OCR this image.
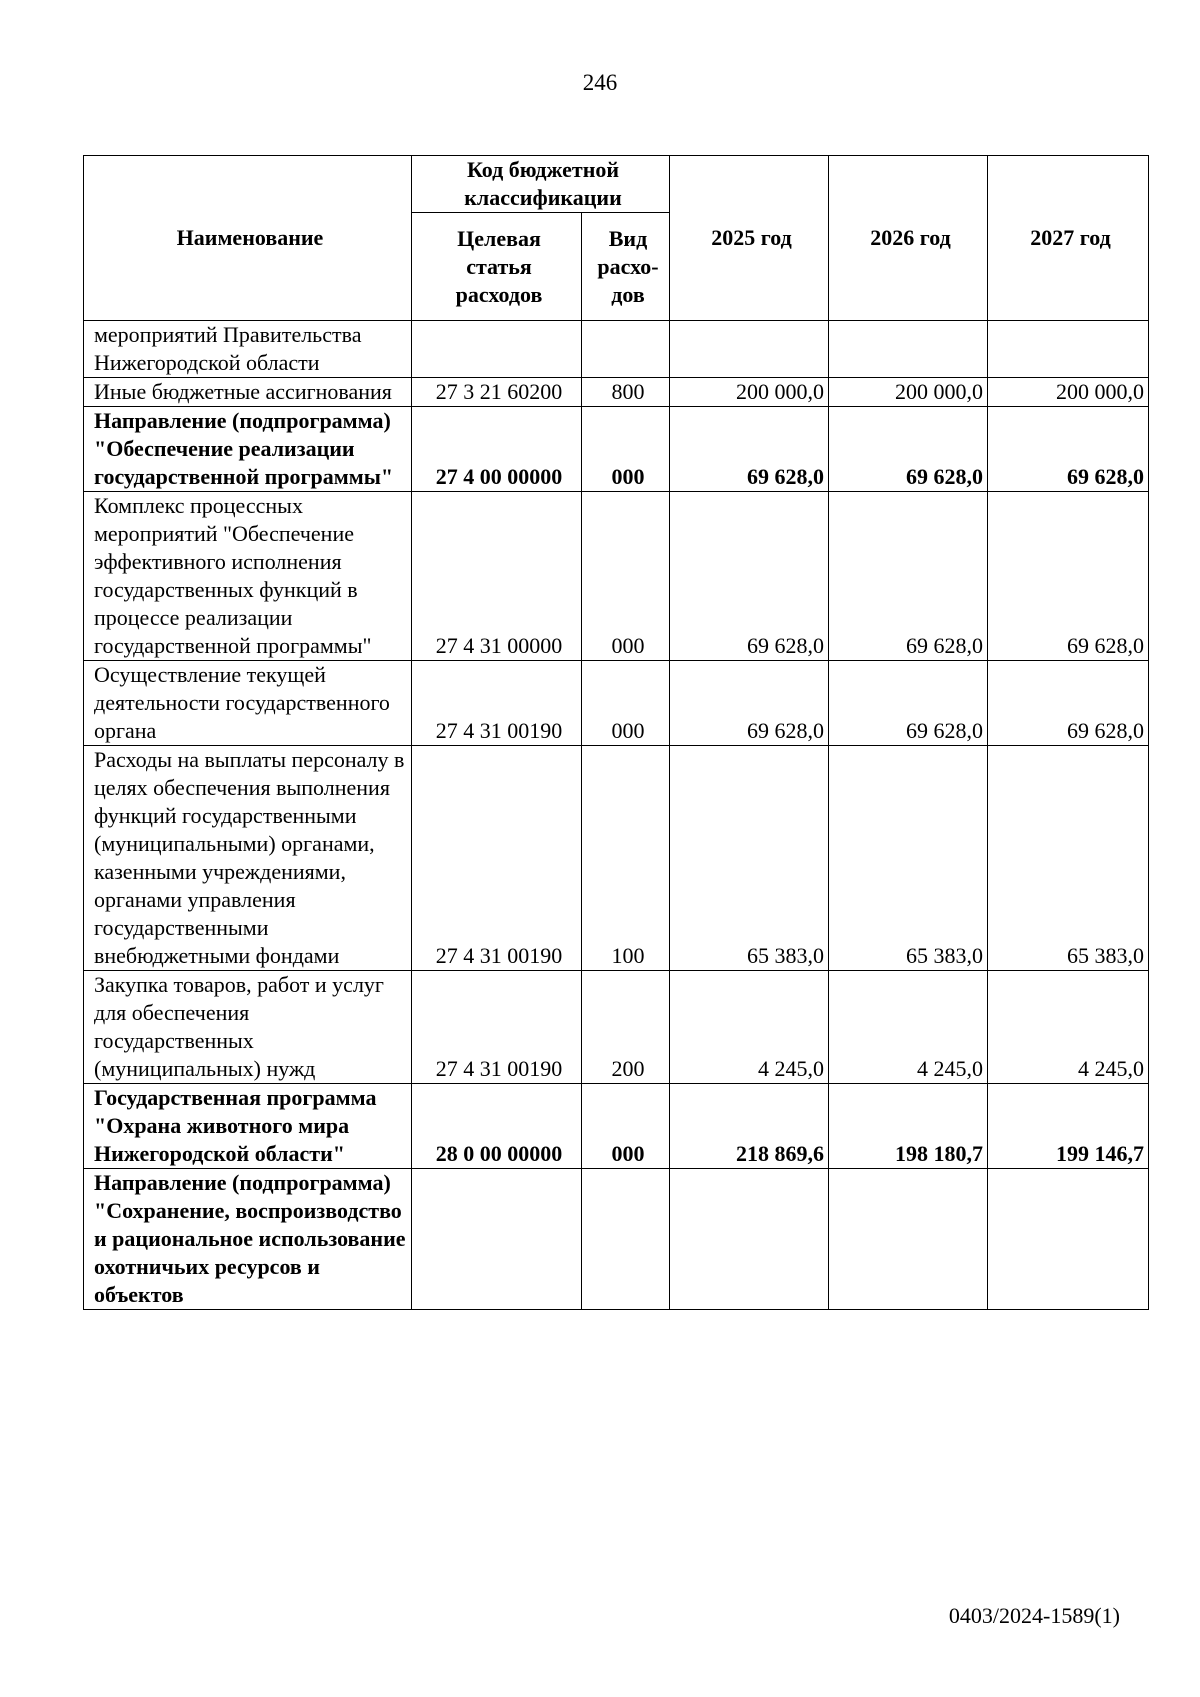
246
Наименование	Код бюджетной классификации		2025 год	2026 год	2027 год
	Целевая статья расходов	Вид расхо-дов			
мероприятий Правительства Нижегородской области					
Иные бюджетные ассигнования	27 3 21 60200	800	200 000,0	200 000,0	200 000,0
Направление (подпрограмма) "Обеспечение реализации государственной программы"	27 4 00 00000	000	69 628,0	69 628,0	69 628,0
Комплекс процессных мероприятий "Обеспечение эффективного исполнения государственных функций в процессе реализации государственной программы"	27 4 31 00000	000	69 628,0	69 628,0	69 628,0
Осуществление текущей деятельности государственного органа	27 4 31 00190	000	69 628,0	69 628,0	69 628,0
Расходы на выплаты персоналу в целях обеспечения выполнения функций государственными (муниципальными) органами, казенными учреждениями, органами управления государственными внебюджетными фондами	27 4 31 00190	100	65 383,0	65 383,0	65 383,0
Закупка товаров, работ и услуг для обеспечения государственных (муниципальных) нужд	27 4 31 00190	200	4 245,0	4 245,0	4 245,0
Государственная программа "Охрана животного мира Нижегородской области"	28 0 00 00000	000	218 869,6	198 180,7	199 146,7
Направление (подпрограмма) "Сохранение, воспроизводство и рациональное использование охотничьих ресурсов и объектов					
0403/2024-1589(1)
